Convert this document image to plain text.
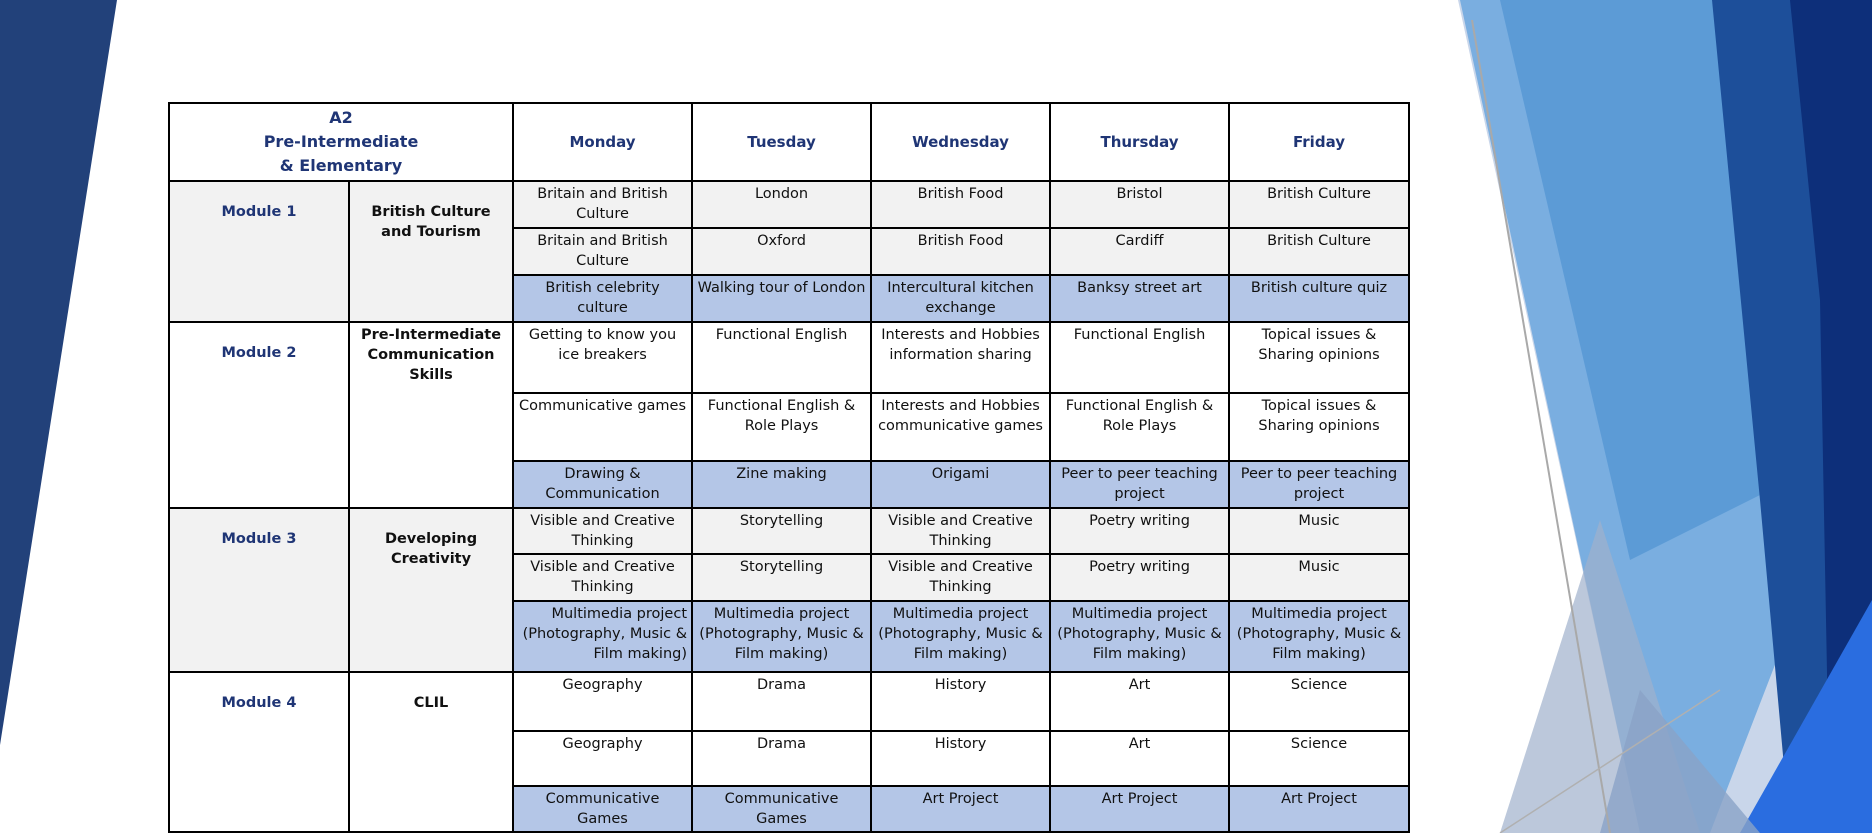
A2
Pre-Intermediate
& Elementary		Monday	Tuesday	Wednesday	Thursday	Friday
Module 1	British Culture and Tourism	Britain and British Culture	London	British Food	Bristol	British Culture
		Britain and British Culture	Oxford	British Food	Cardiff	British Culture
		British celebrity culture	Walking tour of London	Intercultural kitchen exchange	Banksy street art	British culture quiz
Module 2	Pre-Intermediate Communication Skills	Getting to know you ice breakers	Functional English	Interests and Hobbies information sharing	Functional English	Topical issues & Sharing opinions
		Communicative games	Functional English & Role Plays	Interests and Hobbies communicative games	Functional English & Role Plays	Topical issues & Sharing opinions
		Drawing & Communication	Zine making	Origami	Peer to peer teaching project	Peer to peer teaching project
Module 3	Developing Creativity	Visible and Creative Thinking	Storytelling	Visible and Creative Thinking	Poetry writing	Music
		Visible and Creative Thinking	Storytelling	Visible and Creative Thinking	Poetry writing	Music
		Multimedia project (Photography, Music & Film making)	Multimedia project (Photography, Music & Film making)	Multimedia project (Photography, Music & Film making)	Multimedia project (Photography, Music & Film making)	Multimedia project (Photography, Music & Film making)
Module 4	CLIL	Geography	Drama	History	Art	Science
		Geography	Drama	History	Art	Science
		Communicative Games	Communicative Games	Art Project	Art Project	Art Project
